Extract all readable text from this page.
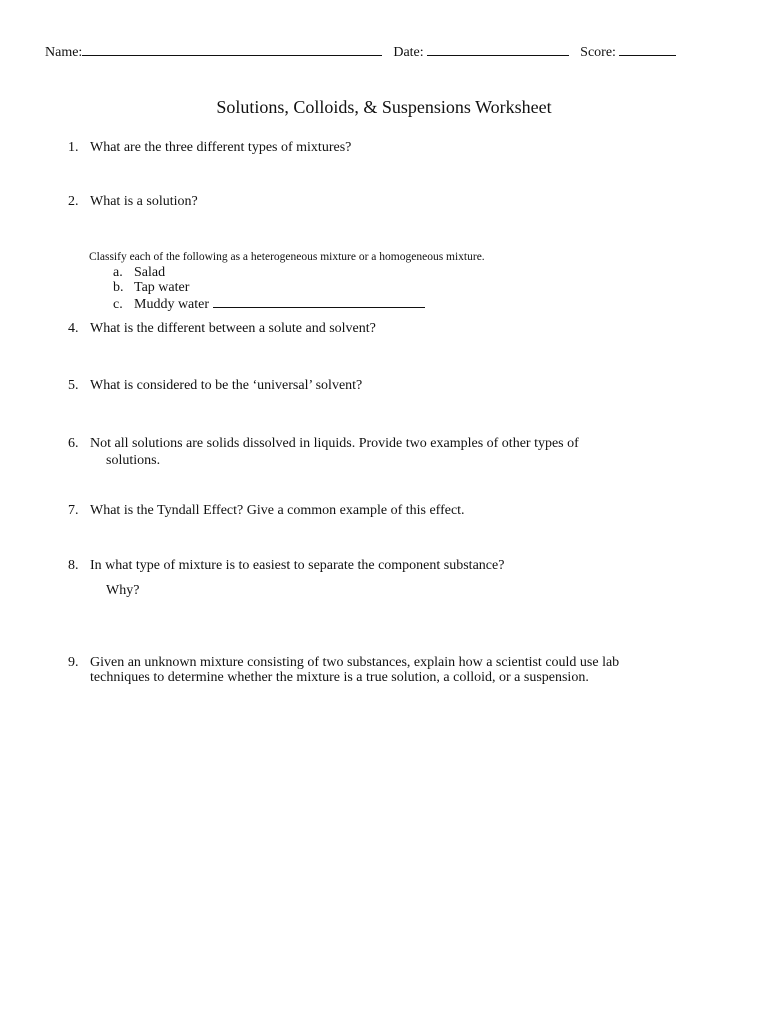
Name:	Date:	Score:
Solutions, Colloids, & Suspensions Worksheet
1. What are the three different types of mixtures?
2. What is a solution?
Classify each of the following as a heterogeneous mixture or a homogeneous mixture.
a. Salad
b. Tap water
c. Muddy water
4. What is the different between a solute and solvent?
5. What is considered to be the ‘universal’ solvent?
6. Not all solutions are solids dissolved in liquids. Provide two examples of other types of
solutions.
7. What is the Tyndall Effect? Give a common example of this effect.
8. In what type of mixture is to easiest to separate the component substance?
Why?
9. Given an unknown mixture consisting of two substances, explain how a scientist could use lab
techniques to determine whether the mixture is a true solution, a colloid, or a suspension.
